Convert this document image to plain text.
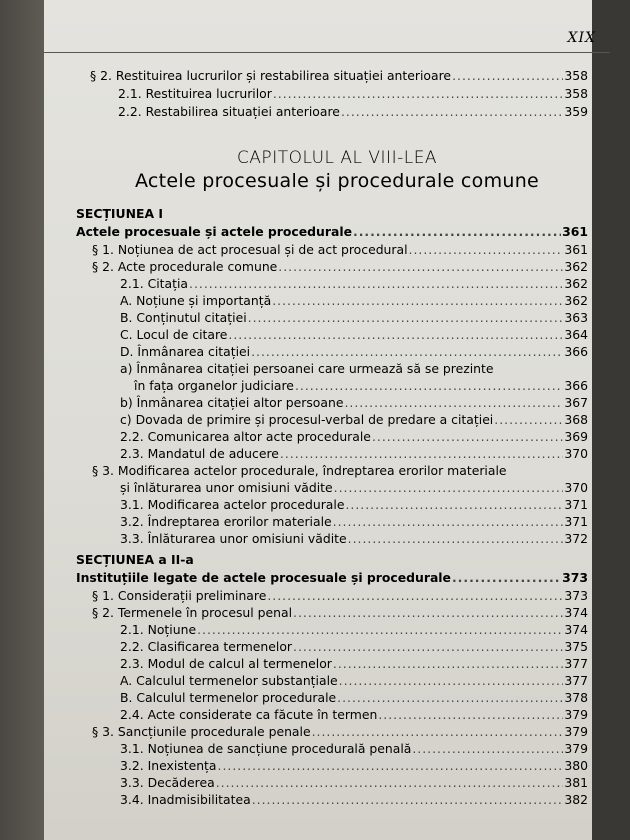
XIX
§ 2. Restituirea lucrurilor și restabilirea situației anterioare .....	358
2.1. Restituirea lucrurilor .....	358
2.2. Restabilirea situației anterioare .....	359
CAPITOLUL AL VIII-LEA
Actele procesuale și procedurale comune
SECȚIUNEA I
Actele procesuale și actele procedurale .....	361
§ 1. Noțiunea de act procesual și de act procedural .....	361
§ 2. Acte procedurale comune .....	362
2.1. Citația .....	362
A. Noțiune și importanță .....	362
B. Conținutul citației .....	363
C. Locul de citare .....	364
D. Înmânarea citației .....	366
a) Înmânarea citației persoanei care urmează să se prezinte
în fața organelor judiciare .....	366
b) Înmânarea citației altor persoane .....	367
c) Dovada de primire și procesul-verbal de predare a citației .....	368
2.2. Comunicarea altor acte procedurale .....	369
2.3. Mandatul de aducere .....	370
§ 3. Modificarea actelor procedurale, îndreptarea erorilor materiale
și înlăturarea unor omisiuni vădite .....	370
3.1. Modificarea actelor procedurale .....	371
3.2. Îndreptarea erorilor materiale .....	371
3.3. Înlăturarea unor omisiuni vădite .....	372
SECȚIUNEA a II-a
Instituțiile legate de actele procesuale și procedurale .....	373
§ 1. Considerații preliminare .....	373
§ 2. Termenele în procesul penal .....	374
2.1. Noțiune .....	374
2.2. Clasificarea termenelor .....	375
2.3. Modul de calcul al termenelor .....	377
A. Calculul termenelor substanțiale .....	377
B. Calculul termenelor procedurale .....	378
2.4. Acte considerate ca făcute în termen .....	379
§ 3. Sancțiunile procedurale penale .....	379
3.1. Noțiunea de sancțiune procedurală penală .....	379
3.2. Inexistența .....	380
3.3. Decăderea .....	381
3.4. Inadmisibilitatea .....	382
